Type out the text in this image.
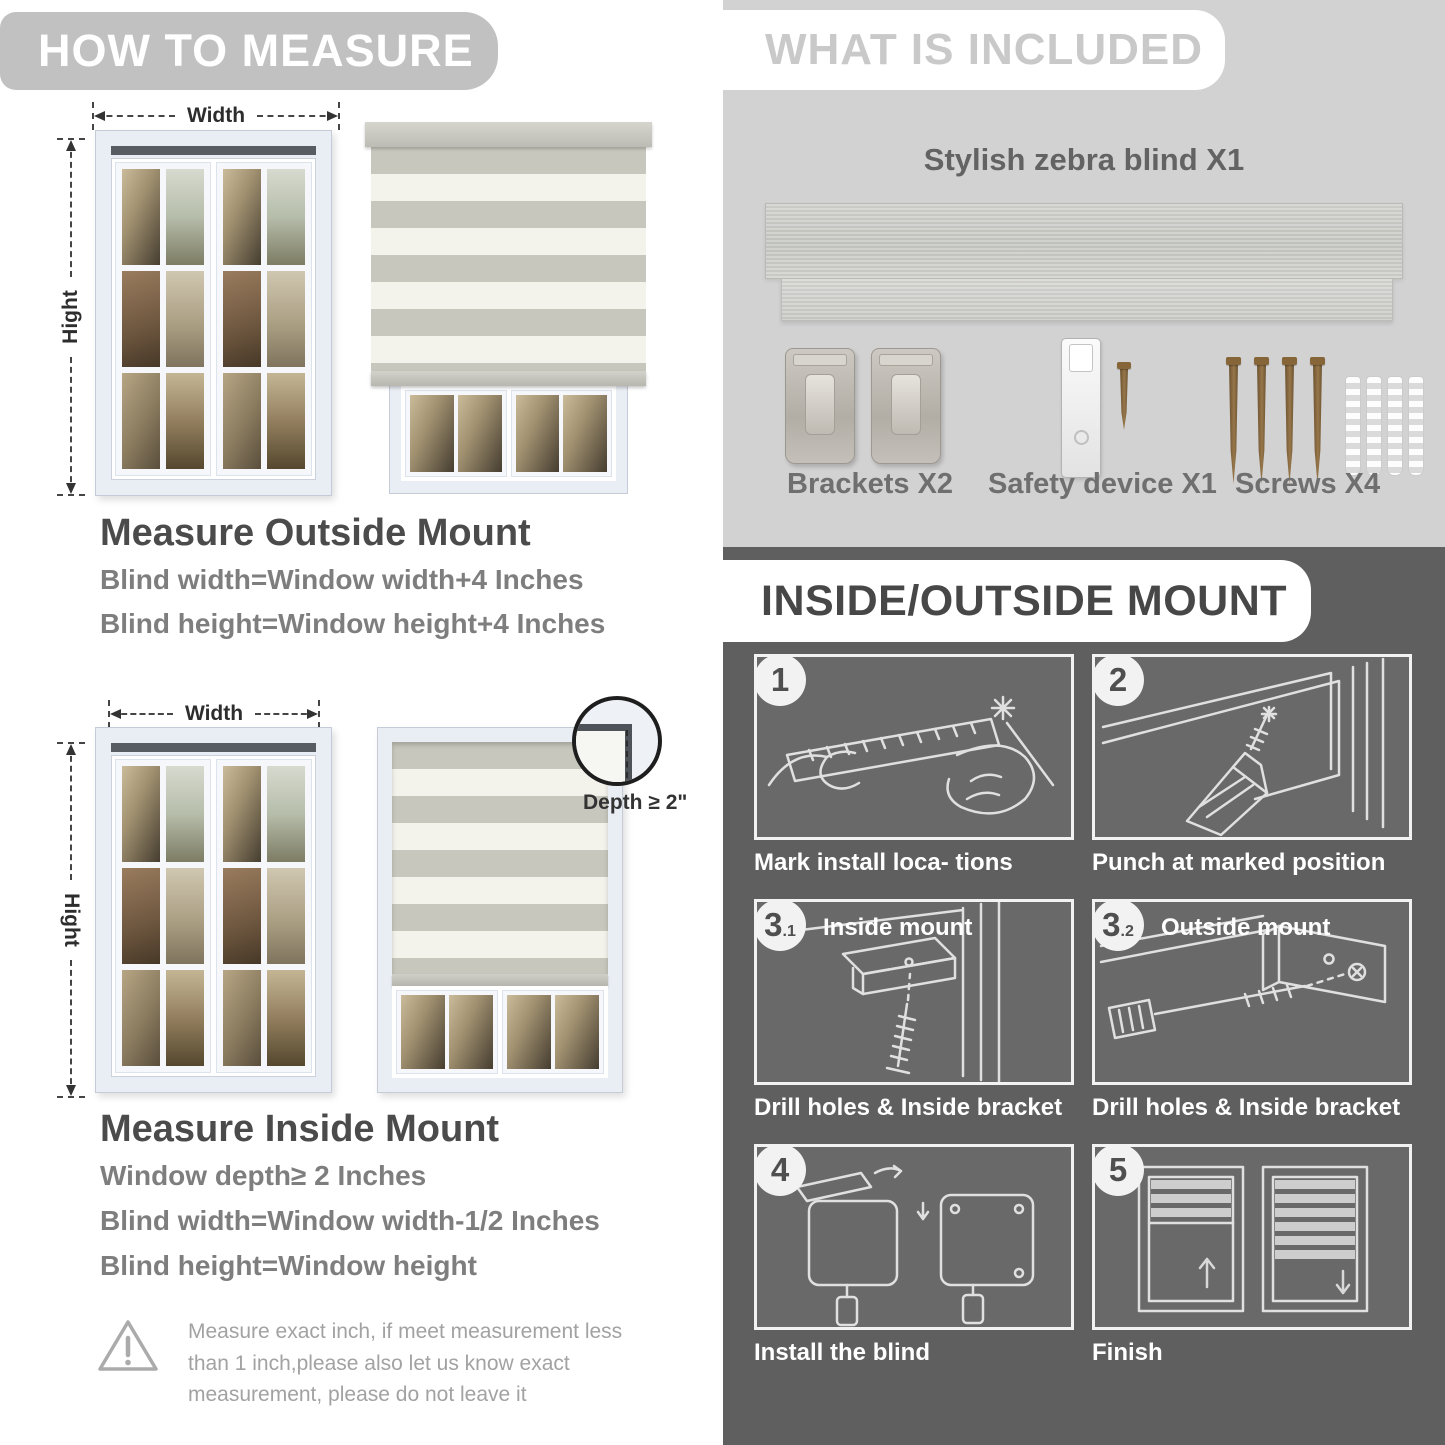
HOW TO MEASURE
Width
Hight
Measure Outside Mount
Blind width=Window width+4 Inches
Blind height=Window height+4 Inches
Width
Hight
Depth ≥ 2"
Measure Inside Mount
Window depth≥ 2 Inches
Blind width=Window width-1/2 Inches
Blind height=Window height

Measure exact inch, if meet measurement less than 1 inch,please also let us know exact measurement, please do not leave it

WHAT IS INCLUDED
Stylish zebra blind X1
Brackets X2 Safety device X1 Screws X4
INSIDE/OUTSIDE MOUNT
1
Mark install loca- tions
2
Punch at marked position
3 .1 Inside mount
Drill holes & Inside bracket
3 .2 Outside mount
Drill holes & Inside bracket
4
Install the blind
5
Finish
